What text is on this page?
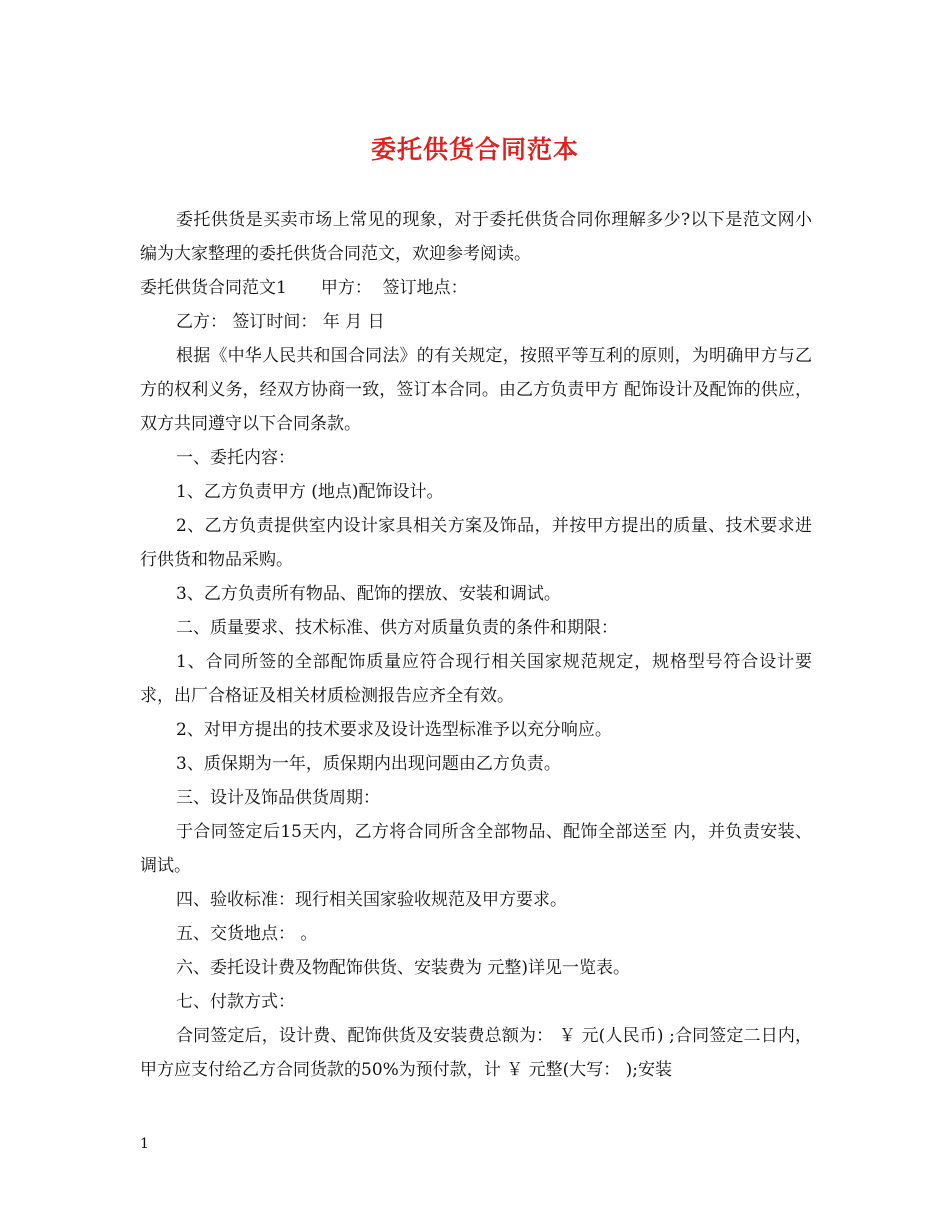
委托供货合同范本

委托供货是买卖市场上常见的现象，对于委托供货合同你理解多少?以下是范文网小编为大家整理的委托供货合同范文，欢迎参考阅读。

委托供货合同范文1 甲方： 签订地点：

乙方： 签订时间： 年 月 日

根据《中华人民共和国合同法》的有关规定，按照平等互利的原则，为明确甲方与乙方的权利义务，经双方协商一致，签订本合同。由乙方负责甲方 配饰设计及配饰的供应，双方共同遵守以下合同条款。

一、委托内容：

1、乙方负责甲方 (地点)配饰设计。

2、乙方负责提供室内设计家具相关方案及饰品，并按甲方提出的质量、技术要求进行供货和物品采购。

3、乙方负责所有物品、配饰的摆放、安装和调试。

二、质量要求、技术标准、供方对质量负责的条件和期限：

1、合同所签的全部配饰质量应符合现行相关国家规范规定，规格型号符合设计要求，出厂合格证及相关材质检测报告应齐全有效。

2、对甲方提出的技术要求及设计选型标准予以充分响应。

3、质保期为一年，质保期内出现问题由乙方负责。

三、设计及饰品供货周期：

于合同签定后15天内，乙方将合同所含全部物品、配饰全部送至 内，并负责安装、调试。

四、验收标准：现行相关国家验收规范及甲方要求。

五、交货地点： 。

六、委托设计费及物配饰供货、安装费为 元整)详见一览表。

七、付款方式：

合同签定后，设计费、配饰供货及安装费总额为： ￥ 元(人民币) ;合同签定二日内，甲方应支付给乙方合同货款的50%为预付款，计 ￥ 元整(大写： );安装

1
